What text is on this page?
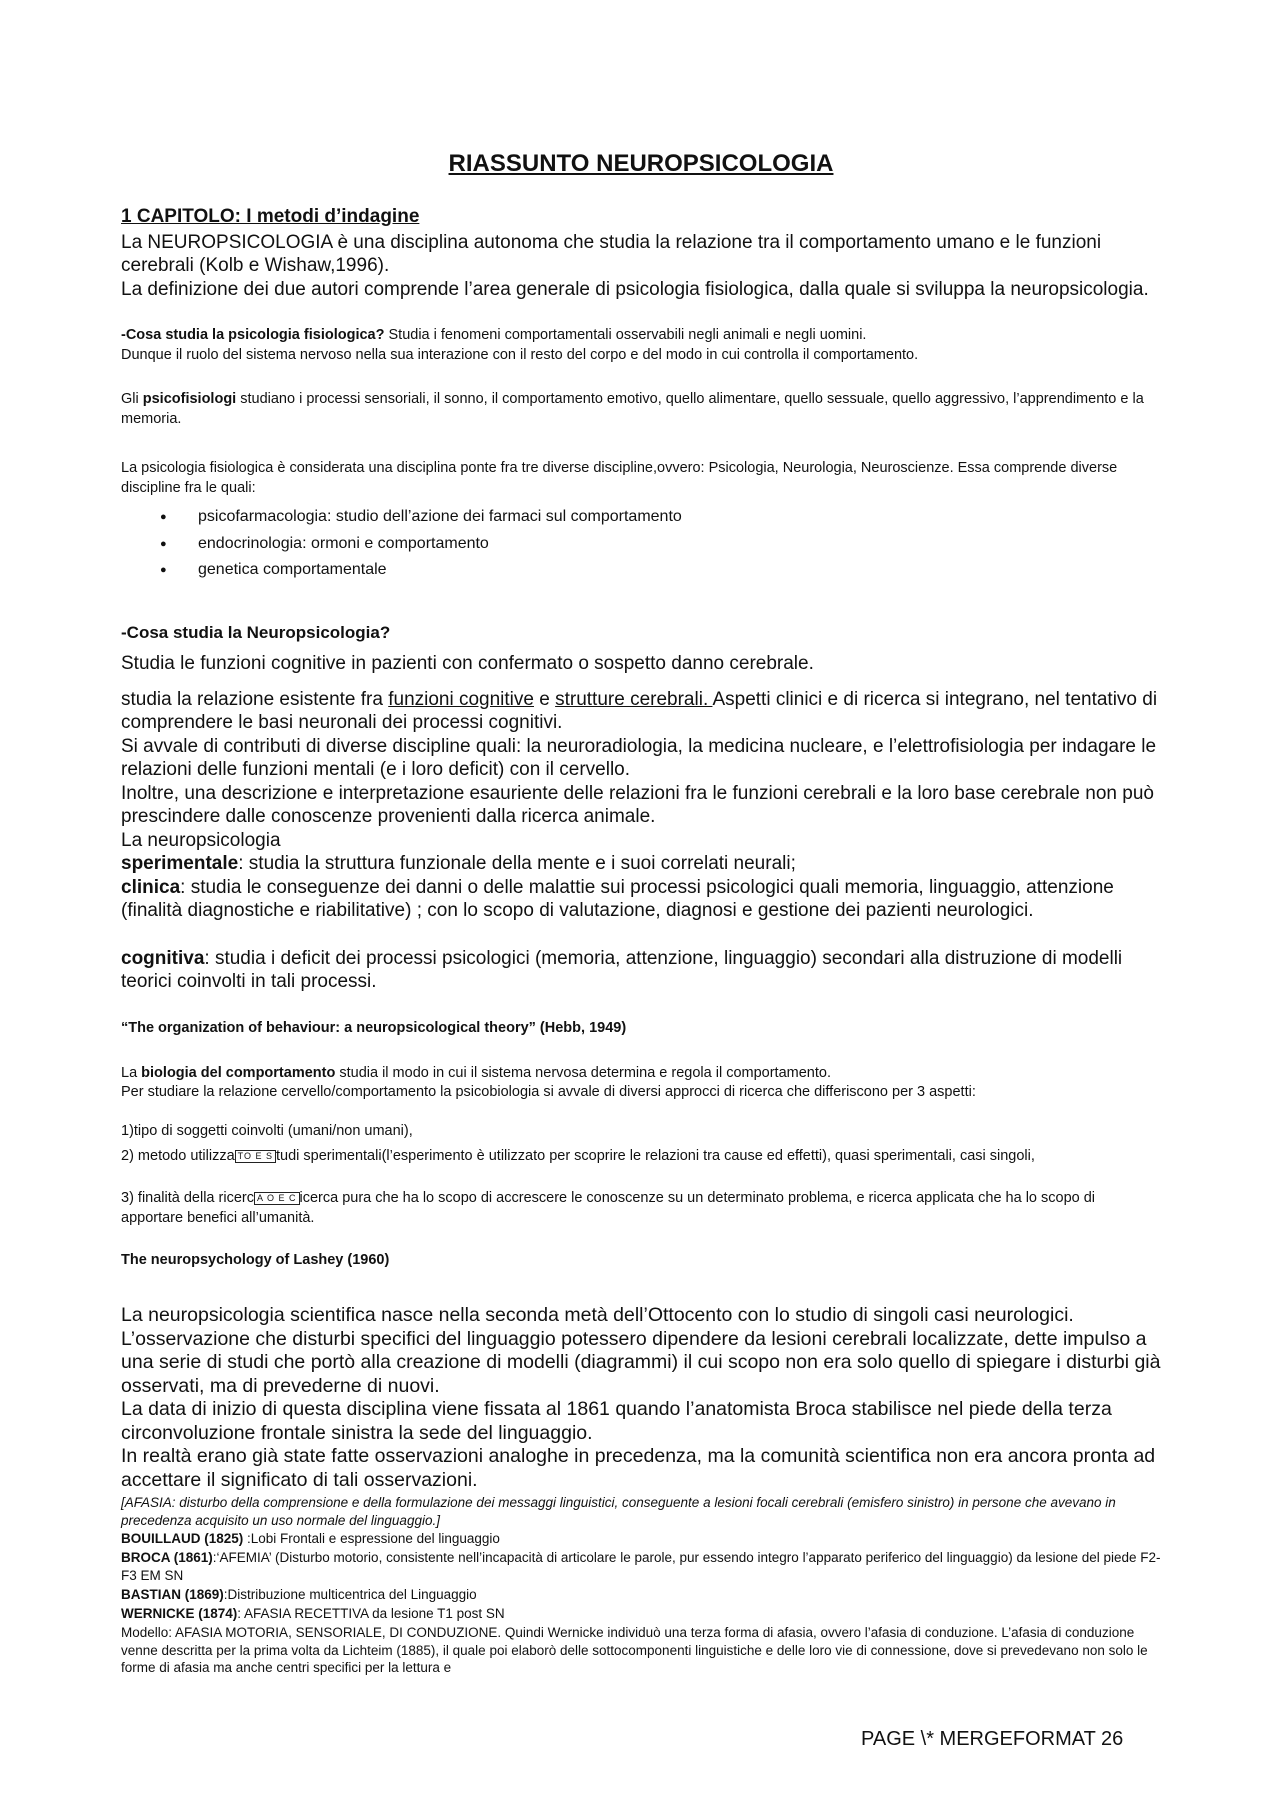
RIASSUNTO NEUROPSICOLOGIA
1 CAPITOLO: I metodi d’indagine

La NEUROPSICOLOGIA è una disciplina autonoma che studia la relazione tra il comportamento umano e le funzioni cerebrali (Kolb e Wishaw,1996).

La definizione dei due autori comprende l’area generale di psicologia fisiologica, dalla quale si sviluppa la neuropsicologia.

-Cosa studia la psicologia fisiologica? Studia i fenomeni comportamentali osservabili negli animali e negli uomini.

Dunque il ruolo del sistema nervoso nella sua interazione con il resto del corpo e del modo in cui controlla il comportamento.

Gli psicofisiologi studiano i processi sensoriali, il sonno, il comportamento emotivo, quello alimentare, quello sessuale, quello aggressivo, l’apprendimento e la memoria.

La psicologia fisiologica è considerata una disciplina ponte fra tre diverse discipline,ovvero: Psicologia, Neurologia, Neuroscienze. Essa comprende diverse discipline fra le quali:

● psicofarmacologia: studio dell’azione dei farmaci sul comportamento
● endocrinologia: ormoni e comportamento
● genetica comportamentale

-Cosa studia la Neuropsicologia?

Studia le funzioni cognitive in pazienti con confermato o sospetto danno cerebrale.

studia la relazione esistente fra funzioni cognitive e strutture cerebrali. Aspetti clinici e di ricerca si integrano, nel tentativo di comprendere le basi neuronali dei processi cognitivi.

Si avvale di contributi di diverse discipline quali: la neuroradiologia, la medicina nucleare, e l’elettrofisiologia per indagare le relazioni delle funzioni mentali (e i loro deficit) con il cervello.

Inoltre, una descrizione e interpretazione esauriente delle relazioni fra le funzioni cerebrali e la loro base cerebrale non può prescindere dalle conoscenze provenienti dalla ricerca animale.

La neuropsicologia

sperimentale: studia la struttura funzionale della mente e i suoi correlati neurali;

clinica: studia le conseguenze dei danni o delle malattie sui processi psicologici quali memoria, linguaggio, attenzione (finalità diagnostiche e riabilitative) ; con lo scopo di valutazione, diagnosi e gestione dei pazienti neurologici.

cognitiva: studia i deficit dei processi psicologici (memoria, attenzione, linguaggio) secondari alla distruzione di modelli teorici coinvolti in tali processi.

“The organization of behaviour: a neuropsicological theory” (Hebb, 1949)

La biologia del comportamento studia il modo in cui il sistema nervosa determina e regola il comportamento.

Per studiare la relazione cervello/comportamento la psicobiologia si avvale di diversi approcci di ricerca che differiscono per 3 aspetti:

1)tipo di soggetti coinvolti (umani/non umani),

2) metodo utilizza TO E S tudi sperimentali(l’esperimento è utilizzato per scoprire le relazioni tra cause ed effetti), quasi sperimentali, casi singoli,

3) finalità della ricerc A O E C icerca pura che ha lo scopo di accrescere le conoscenze su un determinato problema, e ricerca applicata che ha lo scopo di apportare benefici all’umanità.

The neuropsychology of Lashey (1960)

La neuropsicologia scientifica nasce nella seconda metà dell’Ottocento con lo studio di singoli casi neurologici. L’osservazione che disturbi specifici del linguaggio potessero dipendere da lesioni cerebrali localizzate, dette impulso a una serie di studi che portò alla creazione di modelli (diagrammi) il cui scopo non era solo quello di spiegare i disturbi già osservati, ma di prevederne di nuovi.

La data di inizio di questa disciplina viene fissata al 1861 quando l’anatomista Broca stabilisce nel piede della terza circonvoluzione frontale sinistra la sede del linguaggio.

In realtà erano già state fatte osservazioni analoghe in precedenza, ma la comunità scientifica non era ancora pronta ad accettare il significato di tali osservazioni.

[AFASIA: disturbo della comprensione e della formulazione dei messaggi linguistici, conseguente a lesioni focali cerebrali (emisfero sinistro) in persone che avevano in precedenza acquisito un uso normale del linguaggio.]

BOUILLAUD (1825) :Lobi Frontali e espressione del linguaggio

BROCA (1861):‘AFEMIA’ (Disturbo motorio, consistente nell’incapacità di articolare le parole, pur essendo integro l’apparato periferico del linguaggio) da lesione del piede F2-F3 EM SN

BASTIAN (1869):Distribuzione multicentrica del Linguaggio

WERNICKE (1874): AFASIA RECETTIVA da lesione T1 post SN

Modello: AFASIA MOTORIA, SENSORIALE, DI CONDUZIONE. Quindi Wernicke individuò una terza forma di afasia, ovvero l’afasia di conduzione. L’afasia di conduzione venne descritta per la prima volta da Lichteim (1885), il quale poi elaborò delle sottocomponenti linguistiche e delle loro vie di connessione, dove si prevedevano non solo le forme di afasia ma anche centri specifici per la lettura e

PAGE \* MERGEFORMAT 26
